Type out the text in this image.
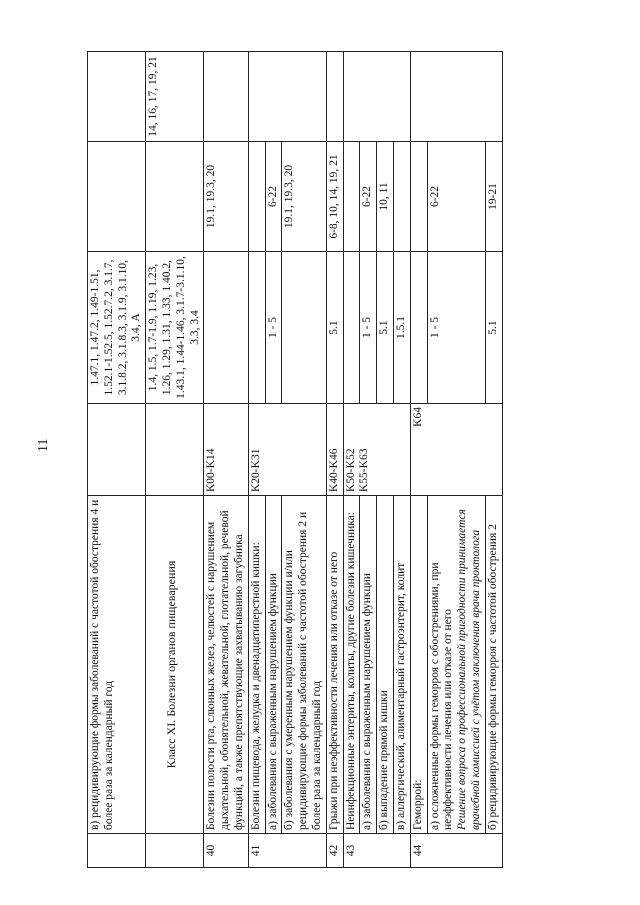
11
	в) рецидивирующие формы заболеваний с частотой обострения 4 и более раза за календарный год		1.47.1, 1.47.2, 1.49-1.51, 1.52.1-1.52.5, 1.52.7.2, 3.1.7, 3.1.8.2, 3.1.8.3, 3.1.9, 3.1.10, 3.4, А		
	Класс XI. Болезни органов пищеварения		1.4, 1.5, 1.7-1.9, 1.19, 1.23, 1.26, 1.29, 1.31, 1.33, 1.40.2, 1.43.1, 1.44-1.46, 3.1.7-3.1.10, 3.3, 3.4		14, 16, 17, 19, 21
40	Болезни полости рта, слюнных желез, челюстей с нарушением дыхательной, обонятельной, жевательной, глотательной, речевой функций, а также препятствующие захватыванию загубника	K00-K14		19.1, 19.3, 20	
41	Болезни пищевода, желудка и двенадцатиперстной кишки:	K20-K31			
	а) заболевания с выраженным нарушением функции		1 - 5	6-22	
	б) заболевания с умеренным нарушением функции и/или рецидивирующие формы заболеваний с частотой обострения 2 и более раза за календарный год			19.1, 19.3, 20	
42	Грыжи при неэффективности лечения или отказе от него	K40-K46	5.1	6-8, 10, 14, 19, 21	
43	Неинфекционные энтериты, колиты, другие болезни кишечника:	K50-K52
K55-K63			
	а) заболевания с выраженным нарушением функции		1 - 5	6-22	
	б) выпадение прямой кишки		5.1	10, 11	
	в) аллергический, алиментарный гастроэнтерит, колит		1.5.1		
44	Геморрой:	K64			
	а) осложненные формы геморроя с обострениями, при неэффективности лечения или отказе от него Решение вопроса о профессиональной пригодности принимается врачебной комиссией с учётом заключения врача проктолога		1 - 5	6-22	
	б) рецидивирующие формы геморроя с частотой обострения 2		5.1	19-21	
